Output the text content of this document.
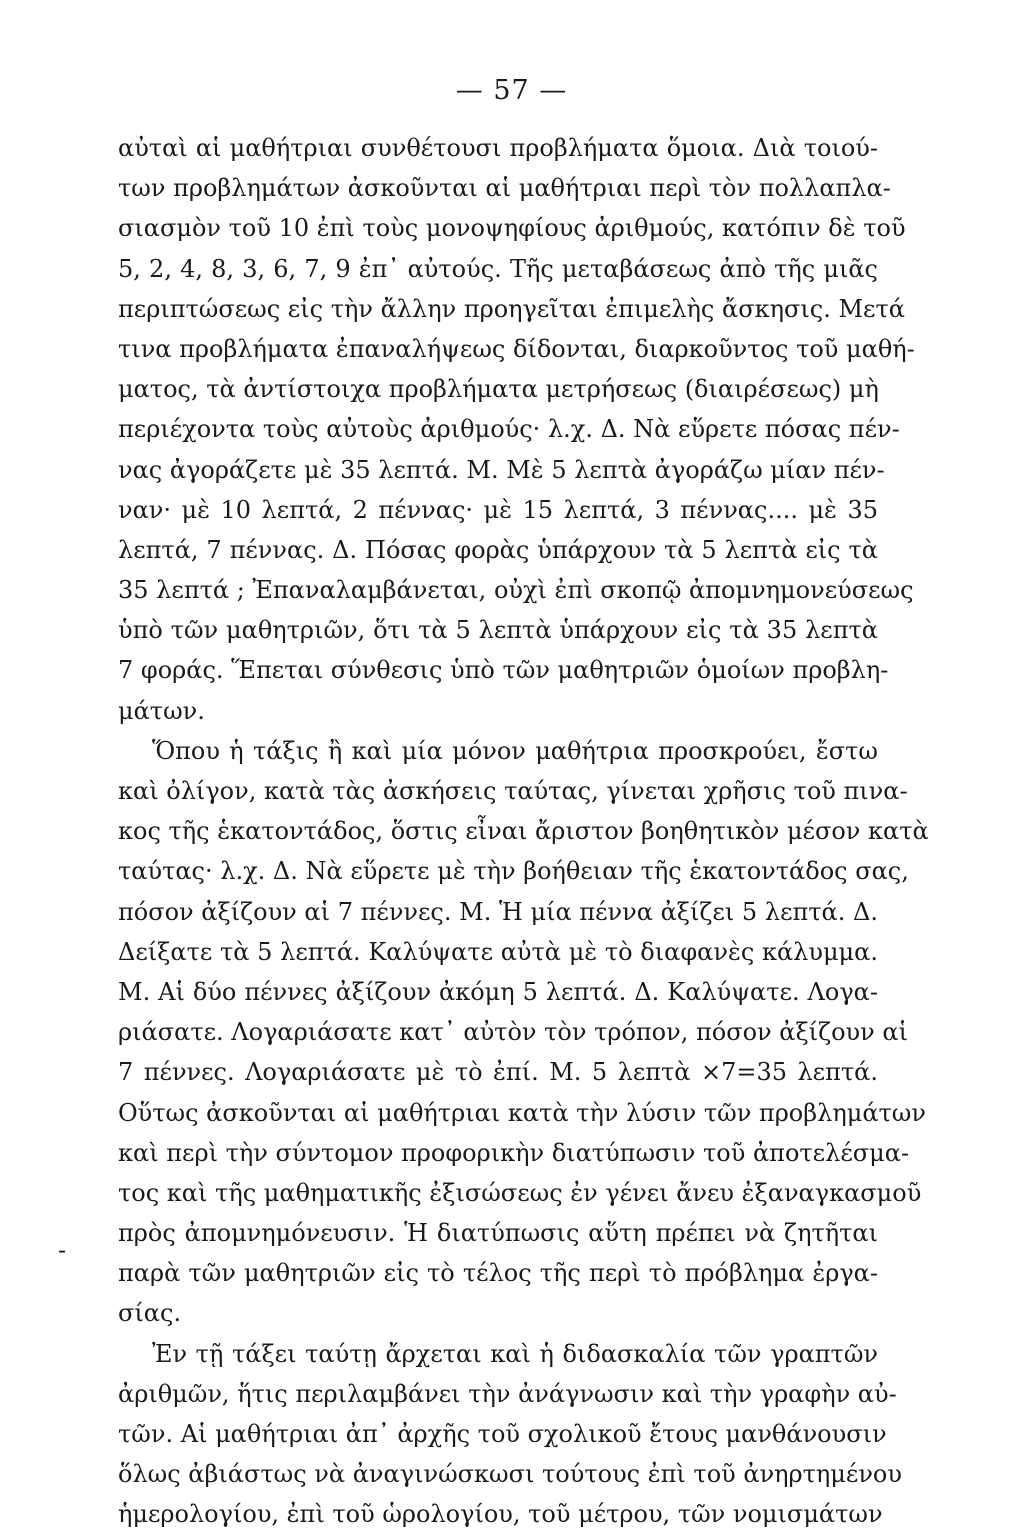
— 57 —
-
αὐταὶ αἱ μαθήτριαι συνθέτουσι προβλήματα ὅμοια. Διὰ τοιού-
των προβλημάτων ἀσκοῦνται αἱ μαθήτριαι περὶ τὸν πολλαπλα-
σιασμὸν τοῦ 10 ἐπὶ τοὺς μονοψηφίους ἀριθμούς, κατόπιν δὲ τοῦ
5, 2, 4, 8, 3, 6, 7, 9 ἐπ᾽ αὐτούς. Τῆς μεταβάσεως ἀπὸ τῆς μιᾶς
περιπτώσεως εἰς τὴν ἄλλην προηγεῖται ἐπιμελὴς ἄσκησις. Μετά
τινα προβλήματα ἐπαναλήψεως δίδονται, διαρκοῦντος τοῦ μαθή-
ματος, τὰ ἀντίστοιχα προβλήματα μετρήσεως (διαιρέσεως) μὴ
περιέχοντα τοὺς αὐτοὺς ἀριθμούς· λ.χ. Δ. Νὰ εὕρετε πόσας πέν-
νας ἀγοράζετε μὲ 35 λεπτά. Μ. Μὲ 5 λεπτὰ ἀγοράζω μίαν πέν-
ναν· μὲ 10 λεπτά, 2 πέννας· μὲ 15 λεπτά, 3 πέννας.... μὲ 35
λεπτά, 7 πέννας. Δ. Πόσας φορὰς ὑπάρχουν τὰ 5 λεπτὰ εἰς τὰ
35 λεπτά ; Ἐπαναλαμβάνεται, οὐχὶ ἐπὶ σκοπῷ ἀπομνημονεύσεως
ὑπὸ τῶν μαθητριῶν, ὅτι τὰ 5 λεπτὰ ὑπάρχουν εἰς τὰ 35 λεπτὰ
7 φοράς. Ἕπεται σύνθεσις ὑπὸ τῶν μαθητριῶν ὁμοίων προβλη-
μάτων.
Ὅπου ἡ τάξις ἢ καὶ μία μόνον μαθήτρια προσκρούει, ἔστω
καὶ ὀλίγον, κατὰ τὰς ἀσκήσεις ταύτας, γίνεται χρῆσις τοῦ πινα-
κος τῆς ἑκατοντάδος, ὅστις εἶναι ἄριστον βοηθητικὸν μέσον κατὰ
ταύτας· λ.χ. Δ. Νὰ εὕρετε μὲ τὴν βοήθειαν τῆς ἑκατοντάδος σας,
πόσον ἀξίζουν αἱ 7 πέννες. Μ. Ἡ μία πέννα ἀξίζει 5 λεπτά. Δ.
Δείξατε τὰ 5 λεπτά. Καλύψατε αὐτὰ μὲ τὸ διαφανὲς κάλυμμα.
Μ. Αἱ δύο πέννες ἀξίζουν ἀκόμη 5 λεπτά. Δ. Καλύψατε. Λογα-
ριάσατε. Λογαριάσατε κατ᾽ αὐτὸν τὸν τρόπον, πόσον ἀξίζουν αἱ
7 πέννες. Λογαριάσατε μὲ τὸ ἐπί. Μ. 5 λεπτὰ ×7=35 λεπτά.
Οὕτως ἀσκοῦνται αἱ μαθήτριαι κατὰ τὴν λύσιν τῶν προβλημάτων
καὶ περὶ τὴν σύντομον προφορικὴν διατύπωσιν τοῦ ἀποτελέσμα-
τος καὶ τῆς μαθηματικῆς ἐξισώσεως ἐν γένει ἄνευ ἐξαναγκασμοῦ
πρὸς ἀπομνημόνευσιν. Ἡ διατύπωσις αὕτη πρέπει νὰ ζητῆται
παρὰ τῶν μαθητριῶν εἰς τὸ τέλος τῆς περὶ τὸ πρόβλημα ἐργα-
σίας.
Ἐν τῇ τάξει ταύτῃ ἄρχεται καὶ ἡ διδασκαλία τῶν γραπτῶν
ἀριθμῶν, ἥτις περιλαμβάνει τὴν ἀνάγνωσιν καὶ τὴν γραφὴν αὐ-
τῶν. Αἱ μαθήτριαι ἀπ᾽ ἀρχῆς τοῦ σχολικοῦ ἔτους μανθάνουσιν
ὅλως ἀβιάστως νὰ ἀναγινώσκωσι τούτους ἐπὶ τοῦ ἀνηρτημένου
ἡμερολογίου, ἐπὶ τοῦ ὡρολογίου, τοῦ μέτρου, τῶν νομισμάτων
